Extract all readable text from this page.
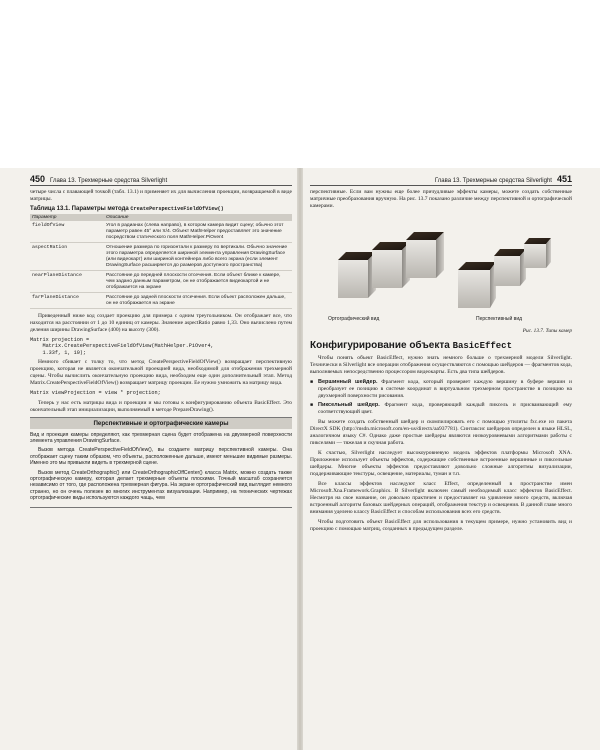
450 Глава 13. Трехмерные средства Silverlight

четыре числа с плавающей точкой (табл. 13.1) и применяет их для вычисления проекции, возвращаемой в виде матрицы.

Таблица 13.1. Параметры метода CreatePerspectiveFieldOfView()
Параметр	Описание
fieldOfView	Угол в радианах (слева направо), в котором камера видит сцену; обычно этот параметр равен 45° или π/4. Объект MathHelper предоставляет это значение посредством статического поля MathHelper.PiOver4
aspectRation	Отношение размера по горизонтали к размеру по вертикали. Обычно значение этого параметра определяется шириной элемента управления DrawingSurface (или видеокарт) или шириной контейнера либо всего экрана (если элемент DrawingSurface расширяется до размеров доступного пространства)
nearPlaneDistance	Расстояние до передней плоскости отсечения. Если объект ближе к камере, чем задано данным параметром, он не отображается видеокартой и не отображается на экране
farPlaneDistance	Расстояние до задней плоскости отсечения. Если объект расположен дальше, он не отображается на экране

Приведенный ниже код создает проекцию для примера с одним треугольником. Он отображает все, что находится на расстоянии от 1 до 10 единиц от камеры. Значение aspectRatio равно 1,33. Оно вычислено путем деления ширины DrawingSurface (400) на высоту (300).

Matrix projection =
Matrix.CreatePerspectiveFieldOfView(MathHelper.PiOver4,
1.33f, 1, 10);

Немного сбивает с толку то, что метод CreatePerspectiveFieldOfView() возвращает перспективную проекцию, которая не является окончательной проекцией вида, необходимой для отображения трехмерной сцены. Чтобы вычислить окончательную проекцию вида, необходим еще один дополнительный этап. Метод Matrix.CreatePerspectiveFieldOfView() возвращает матрицу проекции. Ее нужно умножить на матрицу вида.

Matrix viewProjection = view * projection;

Теперь у нас есть матрицы вида и проекции и мы готовы к конфигурированию объекта BasicEffect. Это окончательный этап инициализации, выполняемый в методе PrepareDrawing().

Перспективные и ортографические камеры

Вид и проекция камеры определяют, как трехмерная сцена будет отображена на двухмерной поверхности элемента управления DrawingSurface.

Вызов метода CreatePerspectiveFieldOfView(), вы создаете матрицу перспективной камеры. Она отображает сцену таким образом, что объекты, расположенные дальше, имеют меньшие видимые размеры. Именно это мы привыкли видеть в трехмерной сцене.

Вызов метод CreateOrthographic() или CreateOrthographicOffCenter() класса Matrix, можно создать также ортографическую камеру, которая делает трехмерные объекты плоскими. Точный масштаб сохраняется независимо от того, где расположена трехмерная фигура. На экране ортографический вид выглядит немного странно, но он очень полезен во многих инструментах визуализации. Например, на технических чертежах ортографические виды используются каждого чащь, чем

451
Глава 13. Трехмерные средства Silverlight

перспективные. Если вам нужны еще более причудливые эффекты камеры, можете создать собственные матричные преобразования вручную. На рис. 13.7 показано различие между перспективной и ортографической камерами.

Ортографический вид	Перспективный вид
Рис. 13.7. Типы камер
Конфигурирование объекта BasicEffect

Чтобы понять объект BasicEffect, нужно знать немного больше о трехмерной модели Silverlight. Технически в Silverlight все операции отображения осуществляются с помощью шейдеров — фрагментов кода, выполняемых непосредственно процессором видеокарты. Есть два типа шейдеров.

■ Вершинный шейдер. Фрагмент кода, который проверяет каждую вершину в буфере вершин и преобразует ее позицию в системе координат в виртуальном трехмерном пространстве в позицию на двухмерной поверхности рисования.
■ Пиксельный шейдер. Фрагмент кода, проверяющий каждый пиксель и присваивающий ему соответствующий цвет.

Вы можете создать собственный шейдер и скомпилировать его с помощью утилиты fxc.exe из пакета DirectX SDK (http://msdn.microsoft.com/en-us/directx/aa937781). Синтаксис шейдеров определен в языке HLSL, аналогичном языку C#. Однако даже простые шейдеры являются низкоуровневыми алгоритмами работы с пикселями — тяжелая и скучная работа.

К счастью, Silverlight наследует высокоуровневую модель эффектов платформы Microsoft XNA. Приложение использует объекты эффектов, содержащие собственные встроенные вершинные и пиксельные шейдеры. Многие объекты эффектов предоставляют довольно сложные алгоритмы визуализации, поддерживающие текстуры, освещение, материалы, туман и т.п.

Все классы эффектов наследуют класс Effect, определенный в пространстве имен Microsoft.Xna.Framework.Graphics. В Silverlight включен самый необходимый класс эффектов BasicEffect. Несмотря на свое название, он довольно практичен и предоставляет на удивление много средств, включая встроенный алгоритм базовых шейдерных операций, отображения текстур и освещения. В данной главе много внимания уделено классу BasicEffect и способам использования всех его средств.

Чтобы подготовить объект BasicEffect для использования в текущем примере, нужно установить вид и проекцию с помощью матриц, созданных в предыдущем разделе.
